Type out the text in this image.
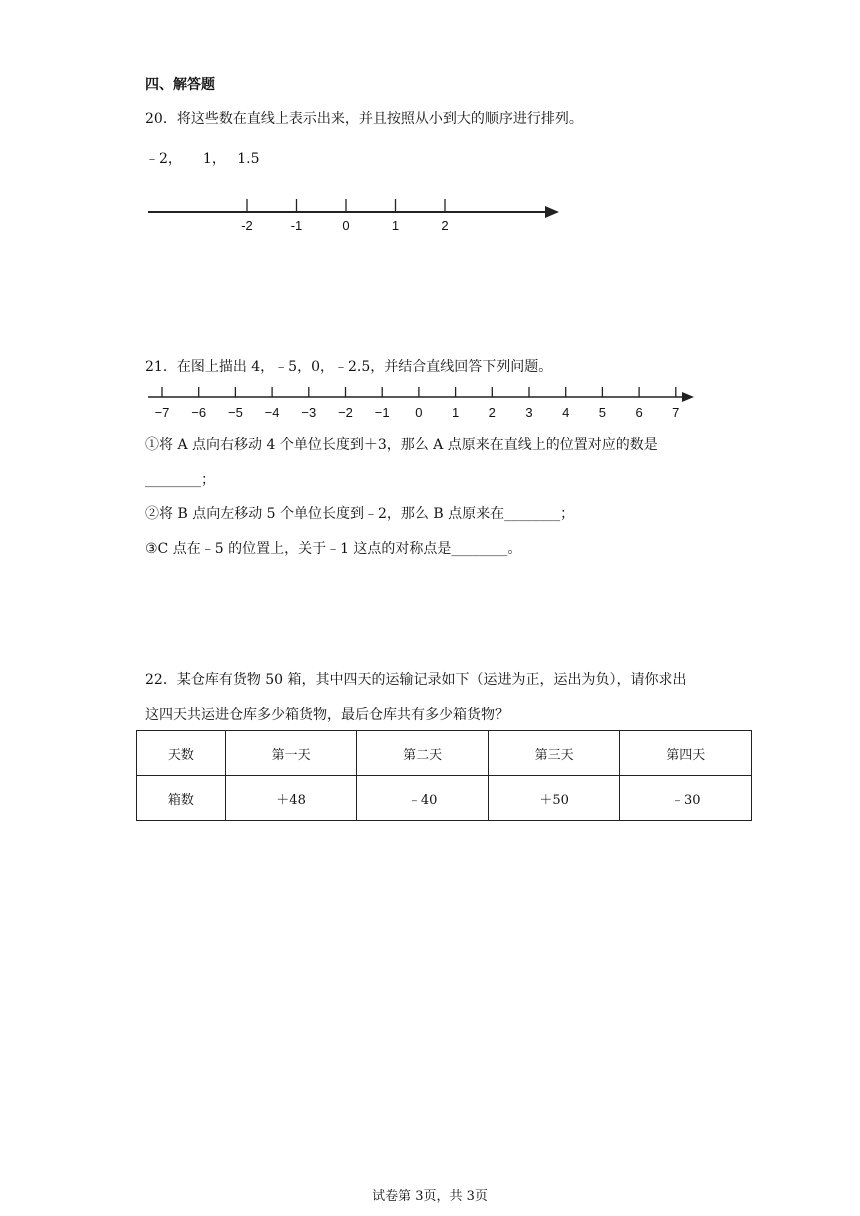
四、解答题
20．将这些数在直线上表示出来，并且按照从小到大的顺序进行排列。
﹣2，　　1，　 1.5
-2	-1	0	1	2
21．在图上描出 4，﹣5，0，﹣2.5，并结合直线回答下列问题。
−7 −6 −5 −4 −3 −2 −1 0 1 2 3 4 5 6 7
①将 A 点向右移动 4 个单位长度到＋3，那么 A 点原来在直线上的位置对应的数是
________；
②将 B 点向左移动 5 个单位长度到﹣2，那么 B 点原来在________；
③C 点在﹣5 的位置上，关于﹣1 这点的对称点是________。
22．某仓库有货物 50 箱，其中四天的运输记录如下（运进为正，运出为负），请你求出
这四天共运进仓库多少箱货物，最后仓库共有多少箱货物？
天数	第一天	第二天	第三天	第四天
箱数	＋48	﹣40	＋50	﹣30
试卷第 3页，共 3页
